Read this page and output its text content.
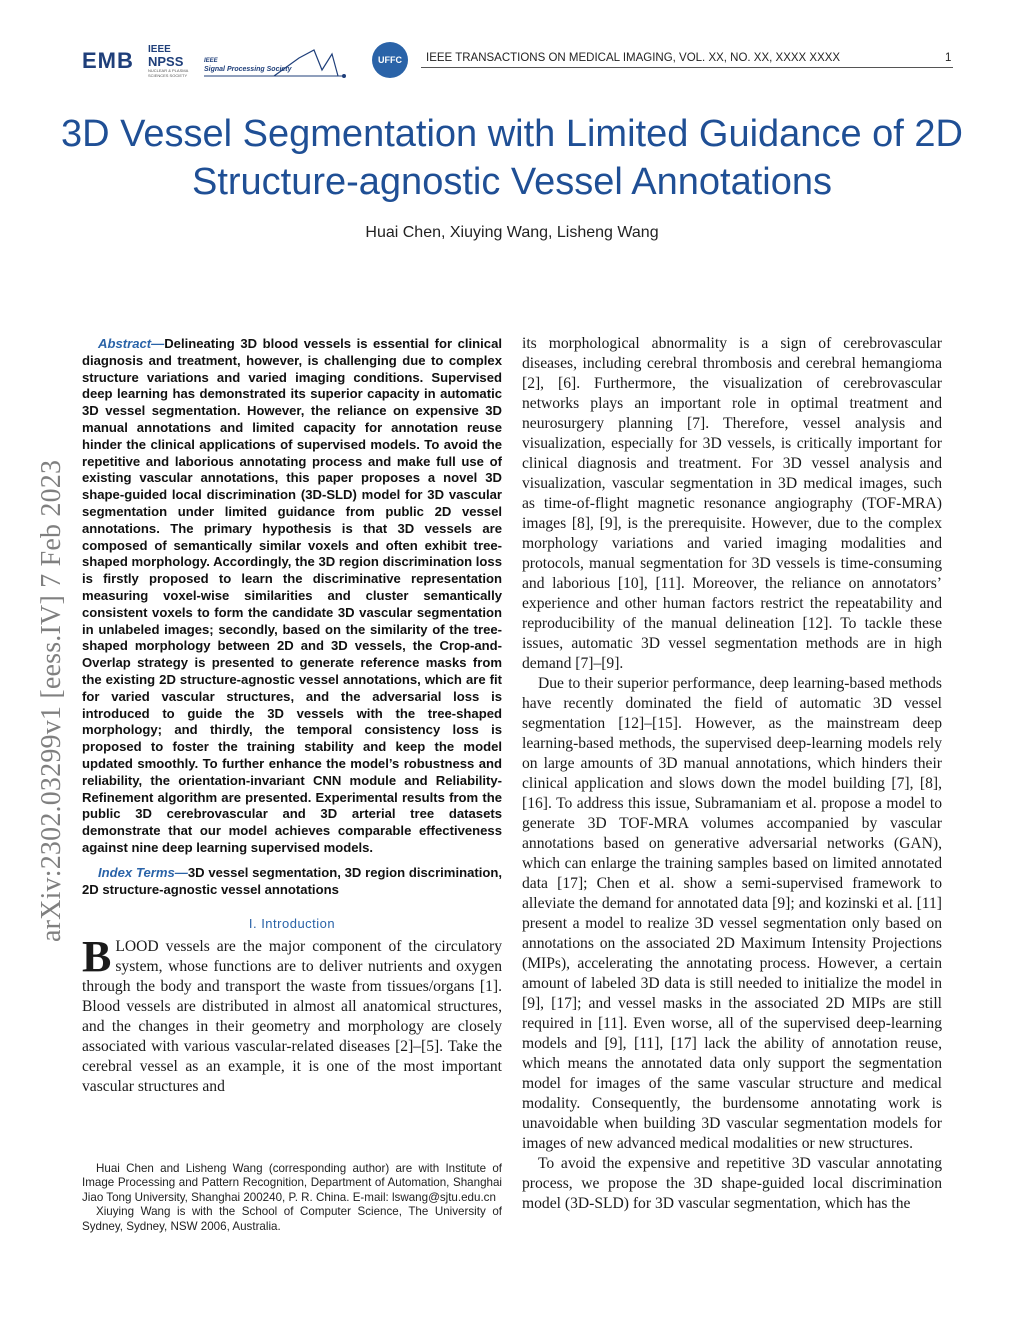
EMB IEEE
NPSS
NUCLEAR & PLASMA SCIENCES SOCIETY
IEEE
Signal Processing Society
UFFC	IEEE TRANSACTIONS ON MEDICAL IMAGING, VOL. XX, NO. XX, XXXX XXXX	1
3D Vessel Segmentation with Limited Guidance of 2D Structure-agnostic Vessel Annotations
Huai Chen, Xiuying Wang, Lisheng Wang
arXiv:2302.03299v1 [eess.IV] 7 Feb 2023

Abstract—Delineating 3D blood vessels is essential for clinical diagnosis and treatment, however, is challenging due to complex structure variations and varied imaging conditions. Supervised deep learning has demonstrated its superior capacity in automatic 3D vessel segmentation. However, the reliance on expensive 3D manual annotations and limited capacity for annotation reuse hinder the clinical applications of supervised models. To avoid the repetitive and laborious annotating process and make full use of existing vascular annotations, this paper proposes a novel 3D shape-guided local discrimination (3D-SLD) model for 3D vascular segmentation under limited guidance from public 2D vessel annotations. The primary hypothesis is that 3D vessels are composed of semantically similar voxels and often exhibit tree-shaped morphology. Accordingly, the 3D region discrimination loss is firstly proposed to learn the discriminative representation measuring voxel-wise similarities and cluster semantically consistent voxels to form the candidate 3D vascular segmentation in unlabeled images; secondly, based on the similarity of the tree-shaped morphology between 2D and 3D vessels, the Crop-and-Overlap strategy is presented to generate reference masks from the existing 2D structure-agnostic vessel annotations, which are fit for varied vascular structures, and the adversarial loss is introduced to guide the 3D vessels with the tree-shaped morphology; and thirdly, the temporal consistency loss is proposed to foster the training stability and keep the model updated smoothly. To further enhance the model’s robustness and reliability, the orientation-invariant CNN module and Reliability-Refinement algorithm are presented. Experimental results from the public 3D cerebrovascular and 3D arterial tree datasets demonstrate that our model achieves comparable effectiveness against nine deep learning supervised models.

Index Terms—3D vessel segmentation, 3D region discrimination, 2D structure-agnostic vessel annotations

I. Introduction

BLOOD vessels are the major component of the circulatory system, whose functions are to deliver nutrients and oxygen through the body and transport the waste from tissues/organs [1]. Blood vessels are distributed in almost all anatomical structures, and the changes in their geometry and morphology are closely associated with various vascular-related diseases [2]–[5]. Take the cerebral vessel as an example, it is one of the most important vascular structures and

Huai Chen and Lisheng Wang (corresponding author) are with Institute of Image Processing and Pattern Recognition, Department of Automation, Shanghai Jiao Tong University, Shanghai 200240, P. R. China. E-mail: lswang@sjtu.edu.cn

Xiuying Wang is with the School of Computer Science, The University of Sydney, Sydney, NSW 2006, Australia.

its morphological abnormality is a sign of cerebrovascular diseases, including cerebral thrombosis and cerebral hemangioma [2], [6]. Furthermore, the visualization of cerebrovascular networks plays an important role in optimal treatment and neurosurgery planning [7]. Therefore, vessel analysis and visualization, especially for 3D vessels, is critically important for clinical diagnosis and treatment. For 3D vessel analysis and visualization, vascular segmentation in 3D medical images, such as time-of-flight magnetic resonance angiography (TOF-MRA) images [8], [9], is the prerequisite. However, due to the complex morphology variations and varied imaging modalities and protocols, manual segmentation for 3D vessels is time-consuming and laborious [10], [11]. Moreover, the reliance on annotators’ experience and other human factors restrict the repeatability and reproducibility of the manual delineation [12]. To tackle these issues, automatic 3D vessel segmentation methods are in high demand [7]–[9].

Due to their superior performance, deep learning-based methods have recently dominated the field of automatic 3D vessel segmentation [12]–[15]. However, as the mainstream deep learning-based methods, the supervised deep-learning models rely on large amounts of 3D manual annotations, which hinders their clinical application and slows down the model building [7], [8], [16]. To address this issue, Subramaniam et al. propose a model to generate 3D TOF-MRA volumes accompanied by vascular annotations based on generative adversarial networks (GAN), which can enlarge the training samples based on limited annotated data [17]; Chen et al. show a semi-supervised framework to alleviate the demand for annotated data [9]; and kozinski et al. [11] present a model to realize 3D vessel segmentation only based on annotations on the associated 2D Maximum Intensity Projections (MIPs), accelerating the annotating process. However, a certain amount of labeled 3D data is still needed to initialize the model in [9], [17]; and vessel masks in the associated 2D MIPs are still required in [11]. Even worse, all of the supervised deep-learning models and [9], [11], [17] lack the ability of annotation reuse, which means the annotated data only support the segmentation model for images of the same vascular structure and medical modality. Consequently, the burdensome annotating work is unavoidable when building 3D vascular segmentation models for images of new advanced medical modalities or new structures.

To avoid the expensive and repetitive 3D vascular annotating process, we propose the 3D shape-guided local discrimination model (3D-SLD) for 3D vascular segmentation, which has the
